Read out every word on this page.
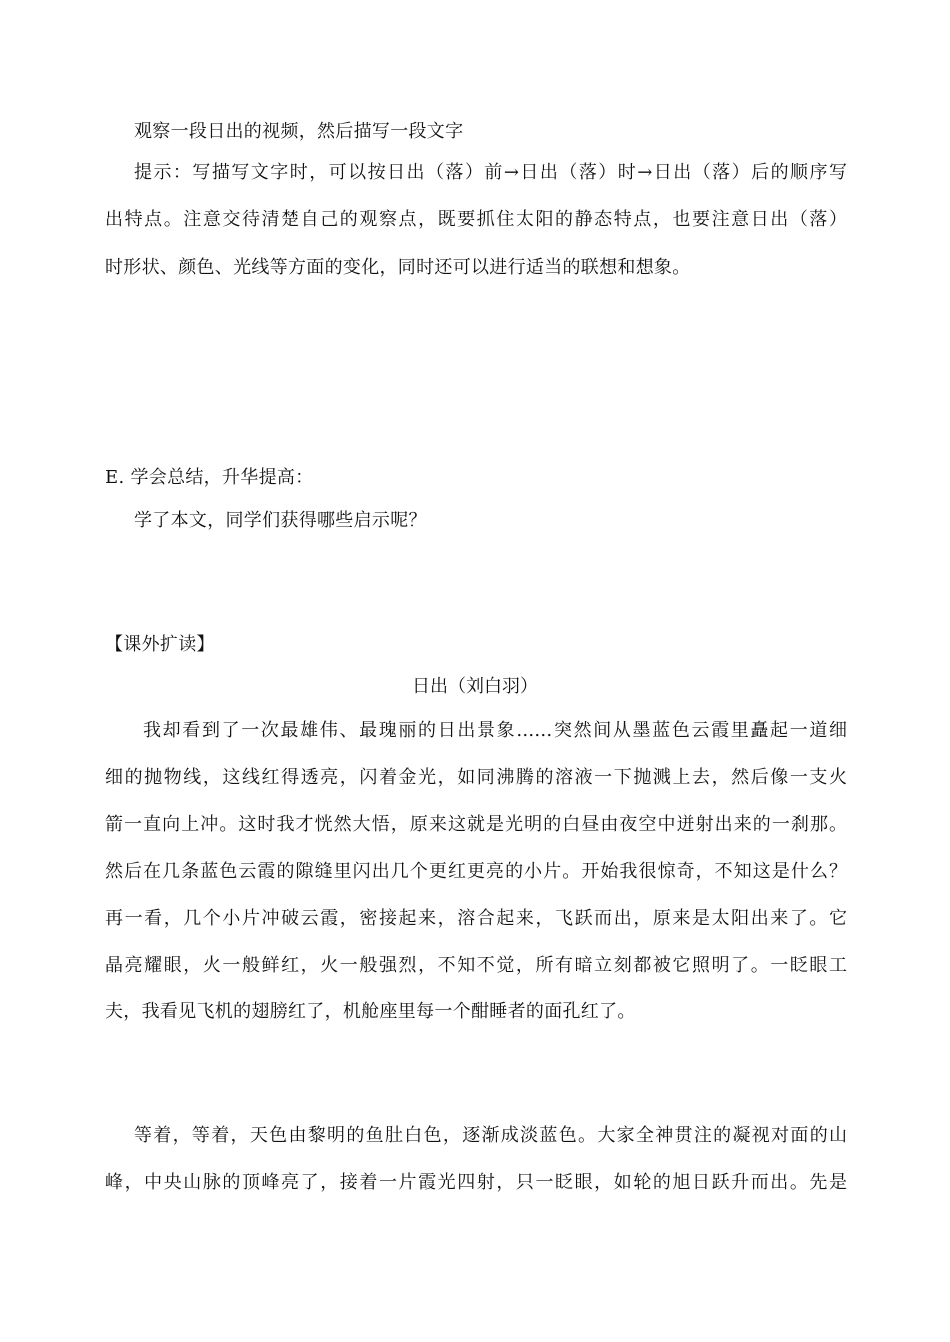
观察一段日出的视频，然后描写一段文字
提示：写描写文字时，可以按日出（落）前→日出（落）时→日出（落）后的顺序写
出特点。注意交待清楚自己的观察点，既要抓住太阳的静态特点，也要注意日出（落）
时形状、颜色、光线等方面的变化，同时还可以进行适当的联想和想象。
E. 学会总结，升华提高：
学了本文，同学们获得哪些启示呢？
【课外扩读】
日出（刘白羽）
我却看到了一次最雄伟、最瑰丽的日出景象……突然间从墨蓝色云霞里矗起一道细
细的抛物线，这线红得透亮，闪着金光，如同沸腾的溶液一下抛溅上去，然后像一支火
箭一直向上冲。这时我才恍然大悟，原来这就是光明的白昼由夜空中迸射出来的一刹那。
然后在几条蓝色云霞的隙缝里闪出几个更红更亮的小片。开始我很惊奇，不知这是什么？
再一看，几个小片冲破云霞，密接起来，溶合起来，飞跃而出，原来是太阳出来了。它
晶亮耀眼，火一般鲜红，火一般强烈，不知不觉，所有暗立刻都被它照明了。一眨眼工
夫，我看见飞机的翅膀红了，机舱座里每一个酣睡者的面孔红了。
等着，等着，天色由黎明的鱼肚白色，逐渐成淡蓝色。大家全神贯注的凝视对面的山
峰，中央山脉的顶峰亮了，接着一片霞光四射，只一眨眼，如轮的旭日跃升而出。先是
